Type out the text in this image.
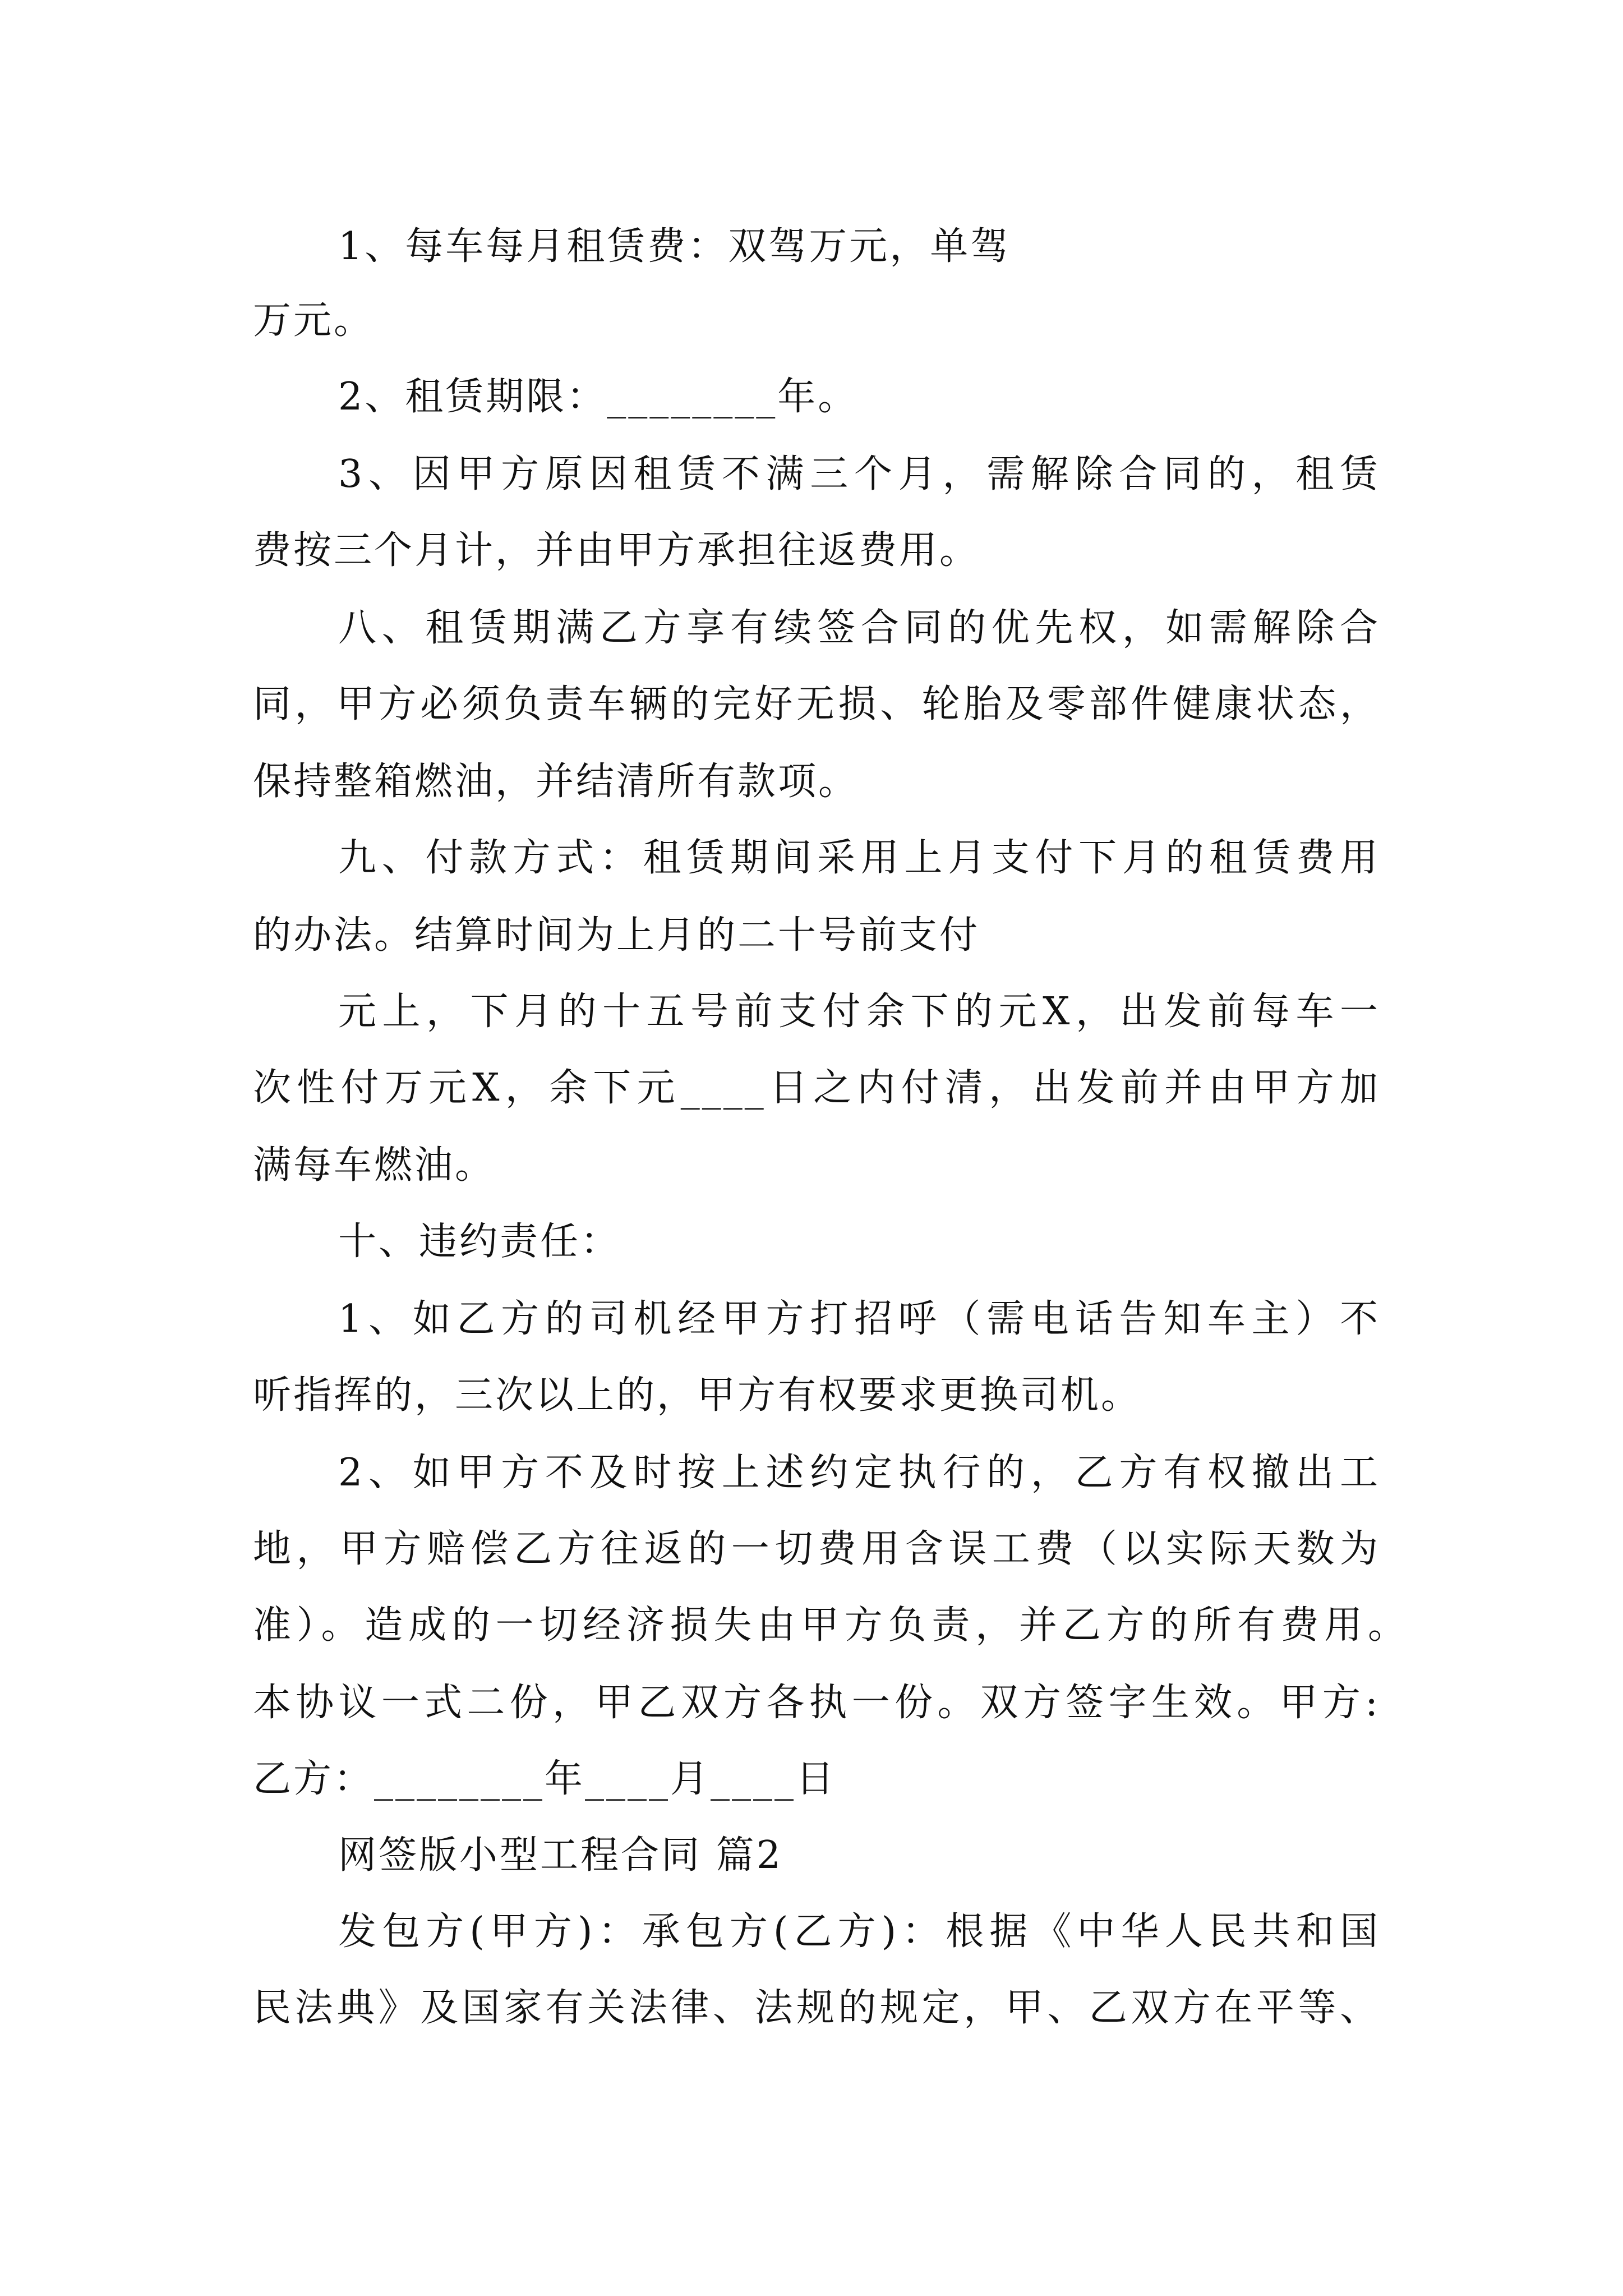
1、每车每月租赁费：双驾万元，单驾
万元。
2、租赁期限：________年。
3、因甲方原因租赁不满三个月，需解除合同的，租赁
费按三个月计，并由甲方承担往返费用。
八、租赁期满乙方享有续签合同的优先权，如需解除合
同，甲方必须负责车辆的完好无损、轮胎及零部件健康状态，
保持整箱燃油，并结清所有款项。
九、付款方式：租赁期间采用上月支付下月的租赁费用
的办法。结算时间为上月的二十号前支付
元上，下月的十五号前支付余下的元X，出发前每车一
次性付万元X，余下元____日之内付清，出发前并由甲方加
满每车燃油。
十、违约责任：
1、如乙方的司机经甲方打招呼（需电话告知车主）不
听指挥的，三次以上的，甲方有权要求更换司机。
2、如甲方不及时按上述约定执行的，乙方有权撤出工
地，甲方赔偿乙方往返的一切费用含误工费（以实际天数为
准）。造成的一切经济损失由甲方负责，并乙方的所有费用。
本协议一式二份，甲乙双方各执一份。双方签字生效。甲方:
乙方：________年____月____日
网签版小型工程合同 篇2
发包方(甲方)：承包方(乙方)：根据《中华人民共和国
民法典》及国家有关法律、法规的规定，甲、乙双方在平等、
